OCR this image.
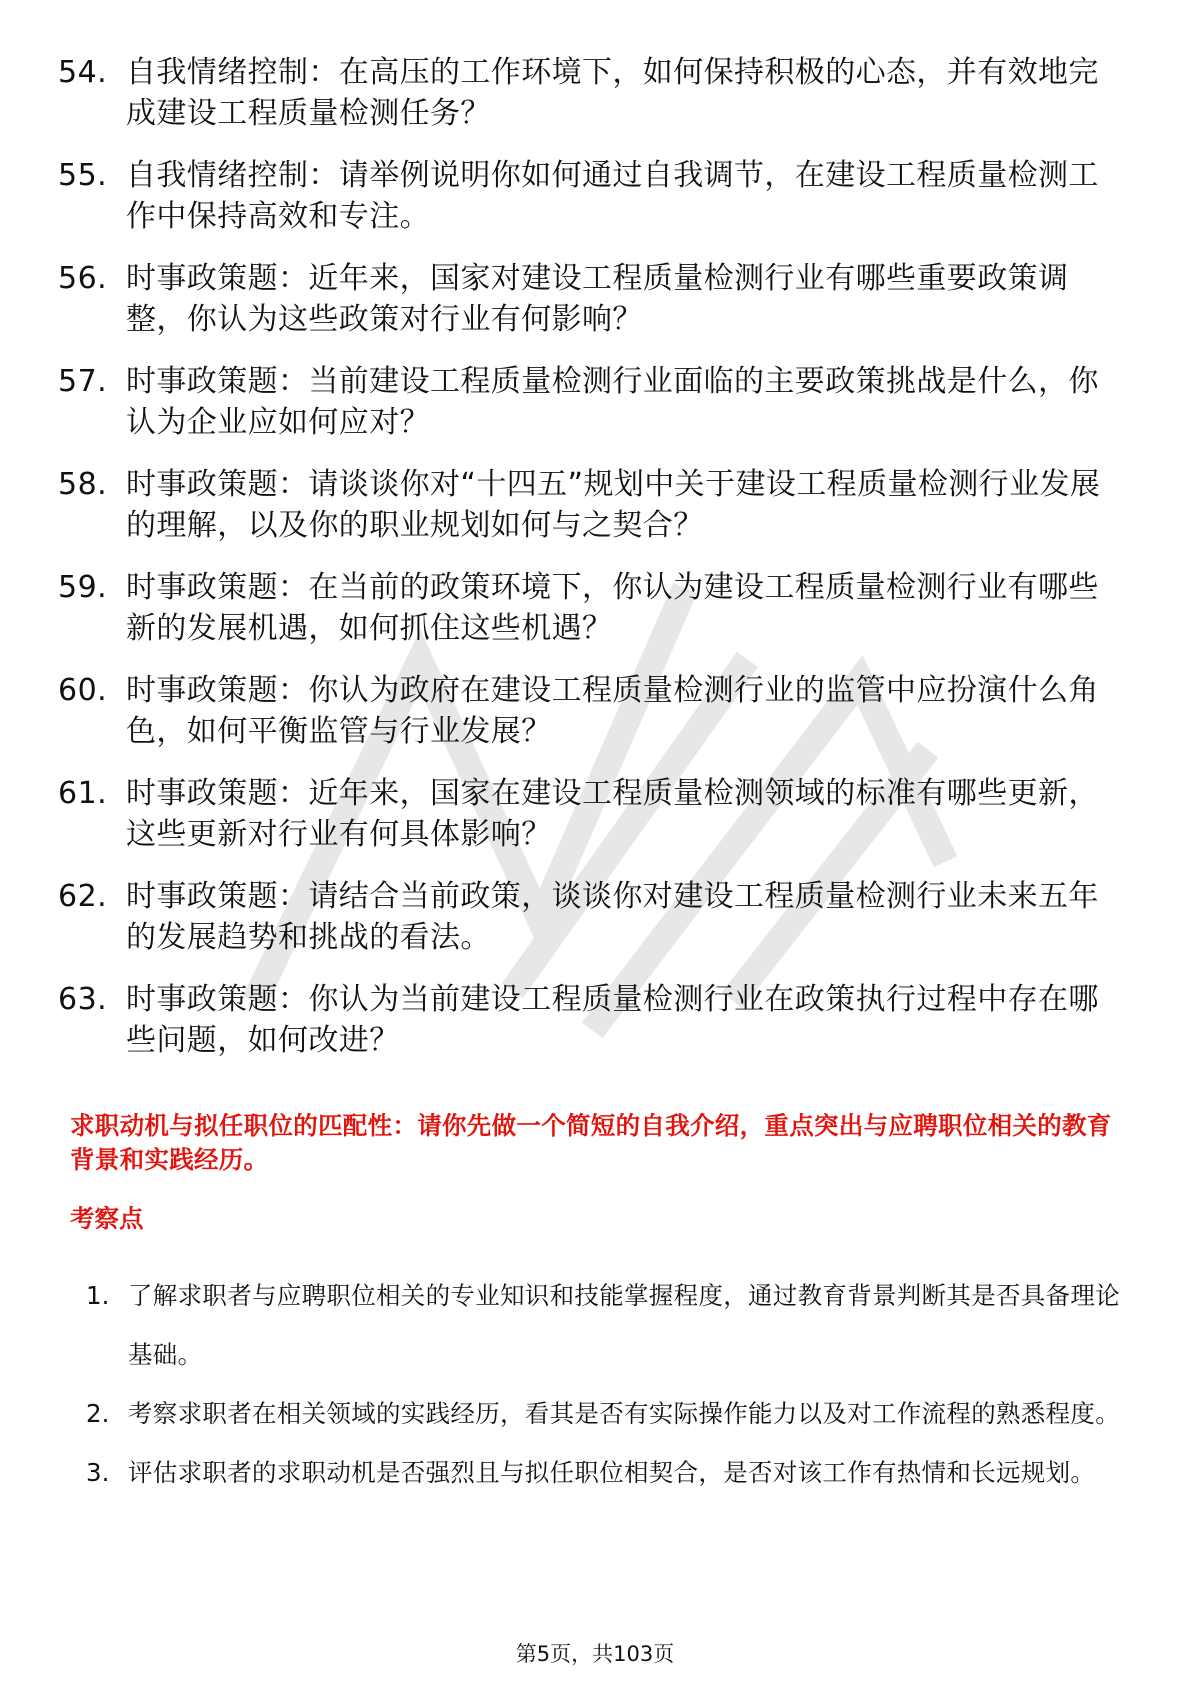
54. 自我情绪控制：在高压的工作环境下，如何保持积极的心态，并有效地完成建设工程质量检测任务？
55. 自我情绪控制：请举例说明你如何通过自我调节，在建设工程质量检测工作中保持高效和专注。
56. 时事政策题：近年来，国家对建设工程质量检测行业有哪些重要政策调整，你认为这些政策对行业有何影响？
57. 时事政策题：当前建设工程质量检测行业面临的主要政策挑战是什么，你认为企业应如何应对？
58. 时事政策题：请谈谈你对“十四五”规划中关于建设工程质量检测行业发展的理解，以及你的职业规划如何与之契合？
59. 时事政策题：在当前的政策环境下，你认为建设工程质量检测行业有哪些新的发展机遇，如何抓住这些机遇？
60. 时事政策题：你认为政府在建设工程质量检测行业的监管中应扮演什么角色，如何平衡监管与行业发展？
61. 时事政策题：近年来，国家在建设工程质量检测领域的标准有哪些更新，这些更新对行业有何具体影响？
62. 时事政策题：请结合当前政策，谈谈你对建设工程质量检测行业未来五年的发展趋势和挑战的看法。
63. 时事政策题：你认为当前建设工程质量检测行业在政策执行过程中存在哪些问题，如何改进？
求职动机与拟任职位的匹配性：请你先做一个简短的自我介绍，重点突出与应聘职位相关的教育背景和实践经历。
考察点
1. 了解求职者与应聘职位相关的专业知识和技能掌握程度，通过教育背景判断其是否具备理论基础。
2. 考察求职者在相关领域的实践经历，看其是否有实际操作能力以及对工作流程的熟悉程度。
3. 评估求职者的求职动机是否强烈且与拟任职位相契合，是否对该工作有热情和长远规划。
第5页，共103页
